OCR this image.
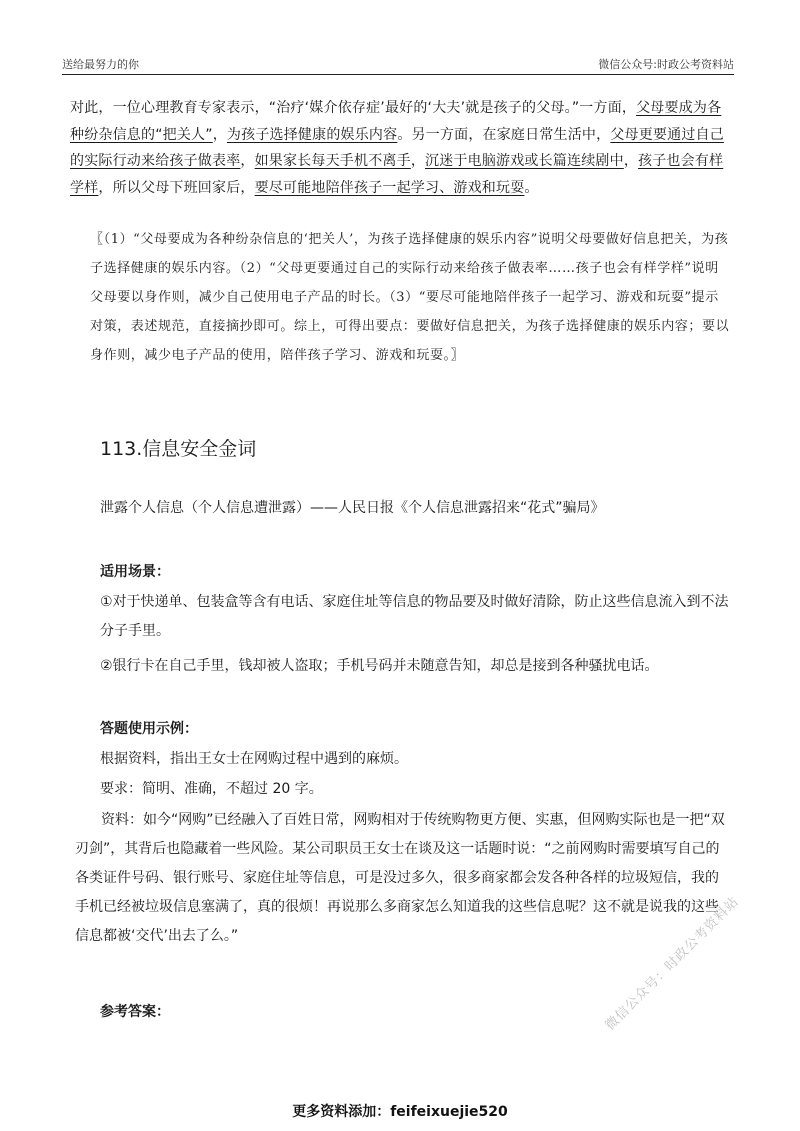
送给最努力的你	微信公众号:时政公考资料站

对此，一位心理教育专家表示，“治疗‘媒介依存症’最好的‘大夫’就是孩子的父母。”一方面，父母要成为各种纷杂信息的“把关人”，为孩子选择健康的娱乐内容。另一方面，在家庭日常生活中，父母更要通过自己的实际行动来给孩子做表率，如果家长每天手机不离手，沉迷于电脑游戏或长篇连续剧中，孩子也会有样学样，所以父母下班回家后，要尽可能地陪伴孩子一起学习、游戏和玩耍。

〖（1）“父母要成为各种纷杂信息的‘把关人’，为孩子选择健康的娱乐内容”说明父母要做好信息把关，为孩子选择健康的娱乐内容。（2）“父母更要通过自己的实际行动来给孩子做表率……孩子也会有样学样”说明父母要以身作则，减少自己使用电子产品的时长。（3）“要尽可能地陪伴孩子一起学习、游戏和玩耍”提示对策，表述规范，直接摘抄即可。综上，可得出要点：要做好信息把关，为孩子选择健康的娱乐内容；要以身作则，减少电子产品的使用，陪伴孩子学习、游戏和玩耍。〗

113.信息安全金词

泄露个人信息（个人信息遭泄露）——人民日报《个人信息泄露招来“花式”骗局》

适用场景：

①对于快递单、包装盒等含有电话、家庭住址等信息的物品要及时做好清除，防止这些信息流入到不法分子手里。

②银行卡在自己手里，钱却被人盗取；手机号码并未随意告知，却总是接到各种骚扰电话。

答题使用示例：

根据资料，指出王女士在网购过程中遇到的麻烦。

要求：简明、准确，不超过 20 字。

资料：如今“网购”已经融入了百姓日常，网购相对于传统购物更方便、实惠，但网购实际也是一把“双刃剑”，其背后也隐藏着一些风险。某公司职员王女士在谈及这一话题时说：“之前网购时需要填写自己的各类证件号码、银行账号、家庭住址等信息，可是没过多久，很多商家都会发各种各样的垃圾短信，我的手机已经被垃圾信息塞满了，真的很烦！再说那么多商家怎么知道我的这些信息呢？这不就是说我的这些信息都被‘交代’出去了么。”

参考答案：

更多资料添加：feifeixuejie520
微信公众号：时政公考资料站
